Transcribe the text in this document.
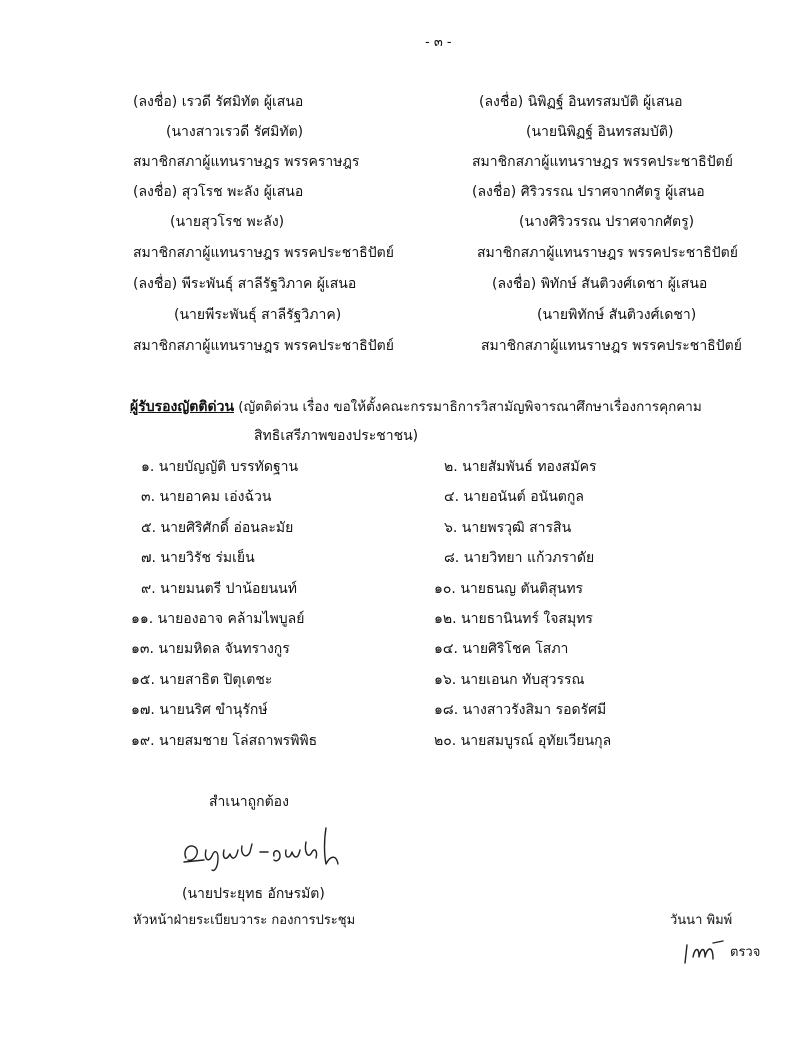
- ๓ -
(ลงชื่อ) เรวดี รัศมิทัต ผู้เสนอ
(นางสาวเรวดี รัศมิทัต)
สมาชิกสภาผู้แทนราษฎร พรรคราษฎร
(ลงชื่อ) สุวโรช พะลัง ผู้เสนอ
(นายสุวโรช พะลัง)
สมาชิกสภาผู้แทนราษฎร พรรคประชาธิปัตย์
(ลงชื่อ) พีระพันธุ์ สาลีรัฐวิภาค ผู้เสนอ
(นายพีระพันธุ์ สาลีรัฐวิภาค)
สมาชิกสภาผู้แทนราษฎร พรรคประชาธิปัตย์
(ลงชื่อ) นิพิฏฐ์ อินทรสมบัติ ผู้เสนอ
(นายนิพิฏฐ์ อินทรสมบัติ)
สมาชิกสภาผู้แทนราษฎร พรรคประชาธิปัตย์
(ลงชื่อ) ศิริวรรณ ปราศจากศัตรู ผู้เสนอ
(นางศิริวรรณ ปราศจากศัตรู)
สมาชิกสภาผู้แทนราษฎร พรรคประชาธิปัตย์
(ลงชื่อ) พิทักษ์ สันติวงศ์เดชา ผู้เสนอ
(นายพิทักษ์ สันติวงศ์เดชา)
สมาชิกสภาผู้แทนราษฎร พรรคประชาธิปัตย์
ผู้รับรองญัตติด่วน (ญัตติด่วน เรื่อง ขอให้ตั้งคณะกรรมาธิการวิสามัญพิจารณาศึกษาเรื่องการคุกคาม
สิทธิเสรีภาพของประชาชน)
๑. นายบัญญัติ บรรทัดฐาน
๓. นายอาคม เอ่งฉ้วน
๕. นายศิริศักดิ์ อ่อนละมัย
๗. นายวิรัช ร่มเย็น
๙. นายมนตรี ปาน้อยนนท์
๑๑. นายองอาจ คล้ามไพบูลย์
๑๓. นายมหิดล จันทรางกูร
๑๕. นายสาธิต ปิตุเตชะ
๑๗. นายนริศ ขำนุรักษ์
๑๙. นายสมชาย โล่สถาพรพิพิธ
๒. นายสัมพันธ์ ทองสมัคร
๔. นายอนันต์ อนันตกูล
๖. นายพรวุฒิ สารสิน
๘. นายวิทยา แก้วภราดัย
๑๐. นายธนญ ตันติสุนทร
๑๒. นายธานินทร์ ใจสมุทร
๑๔. นายศิริโชค โสภา
๑๖. นายเอนก ทับสุวรรณ
๑๘. นางสาวรังสิมา รอดรัศมี
๒๐. นายสมบูรณ์ อุทัยเวียนกุล
สำเนาถูกต้อง
(นายประยุทธ อักษรมัต)
หัวหน้าฝ่ายระเบียบวาระ กองการประชุม	วันนา พิมพ์
ตรวจ
